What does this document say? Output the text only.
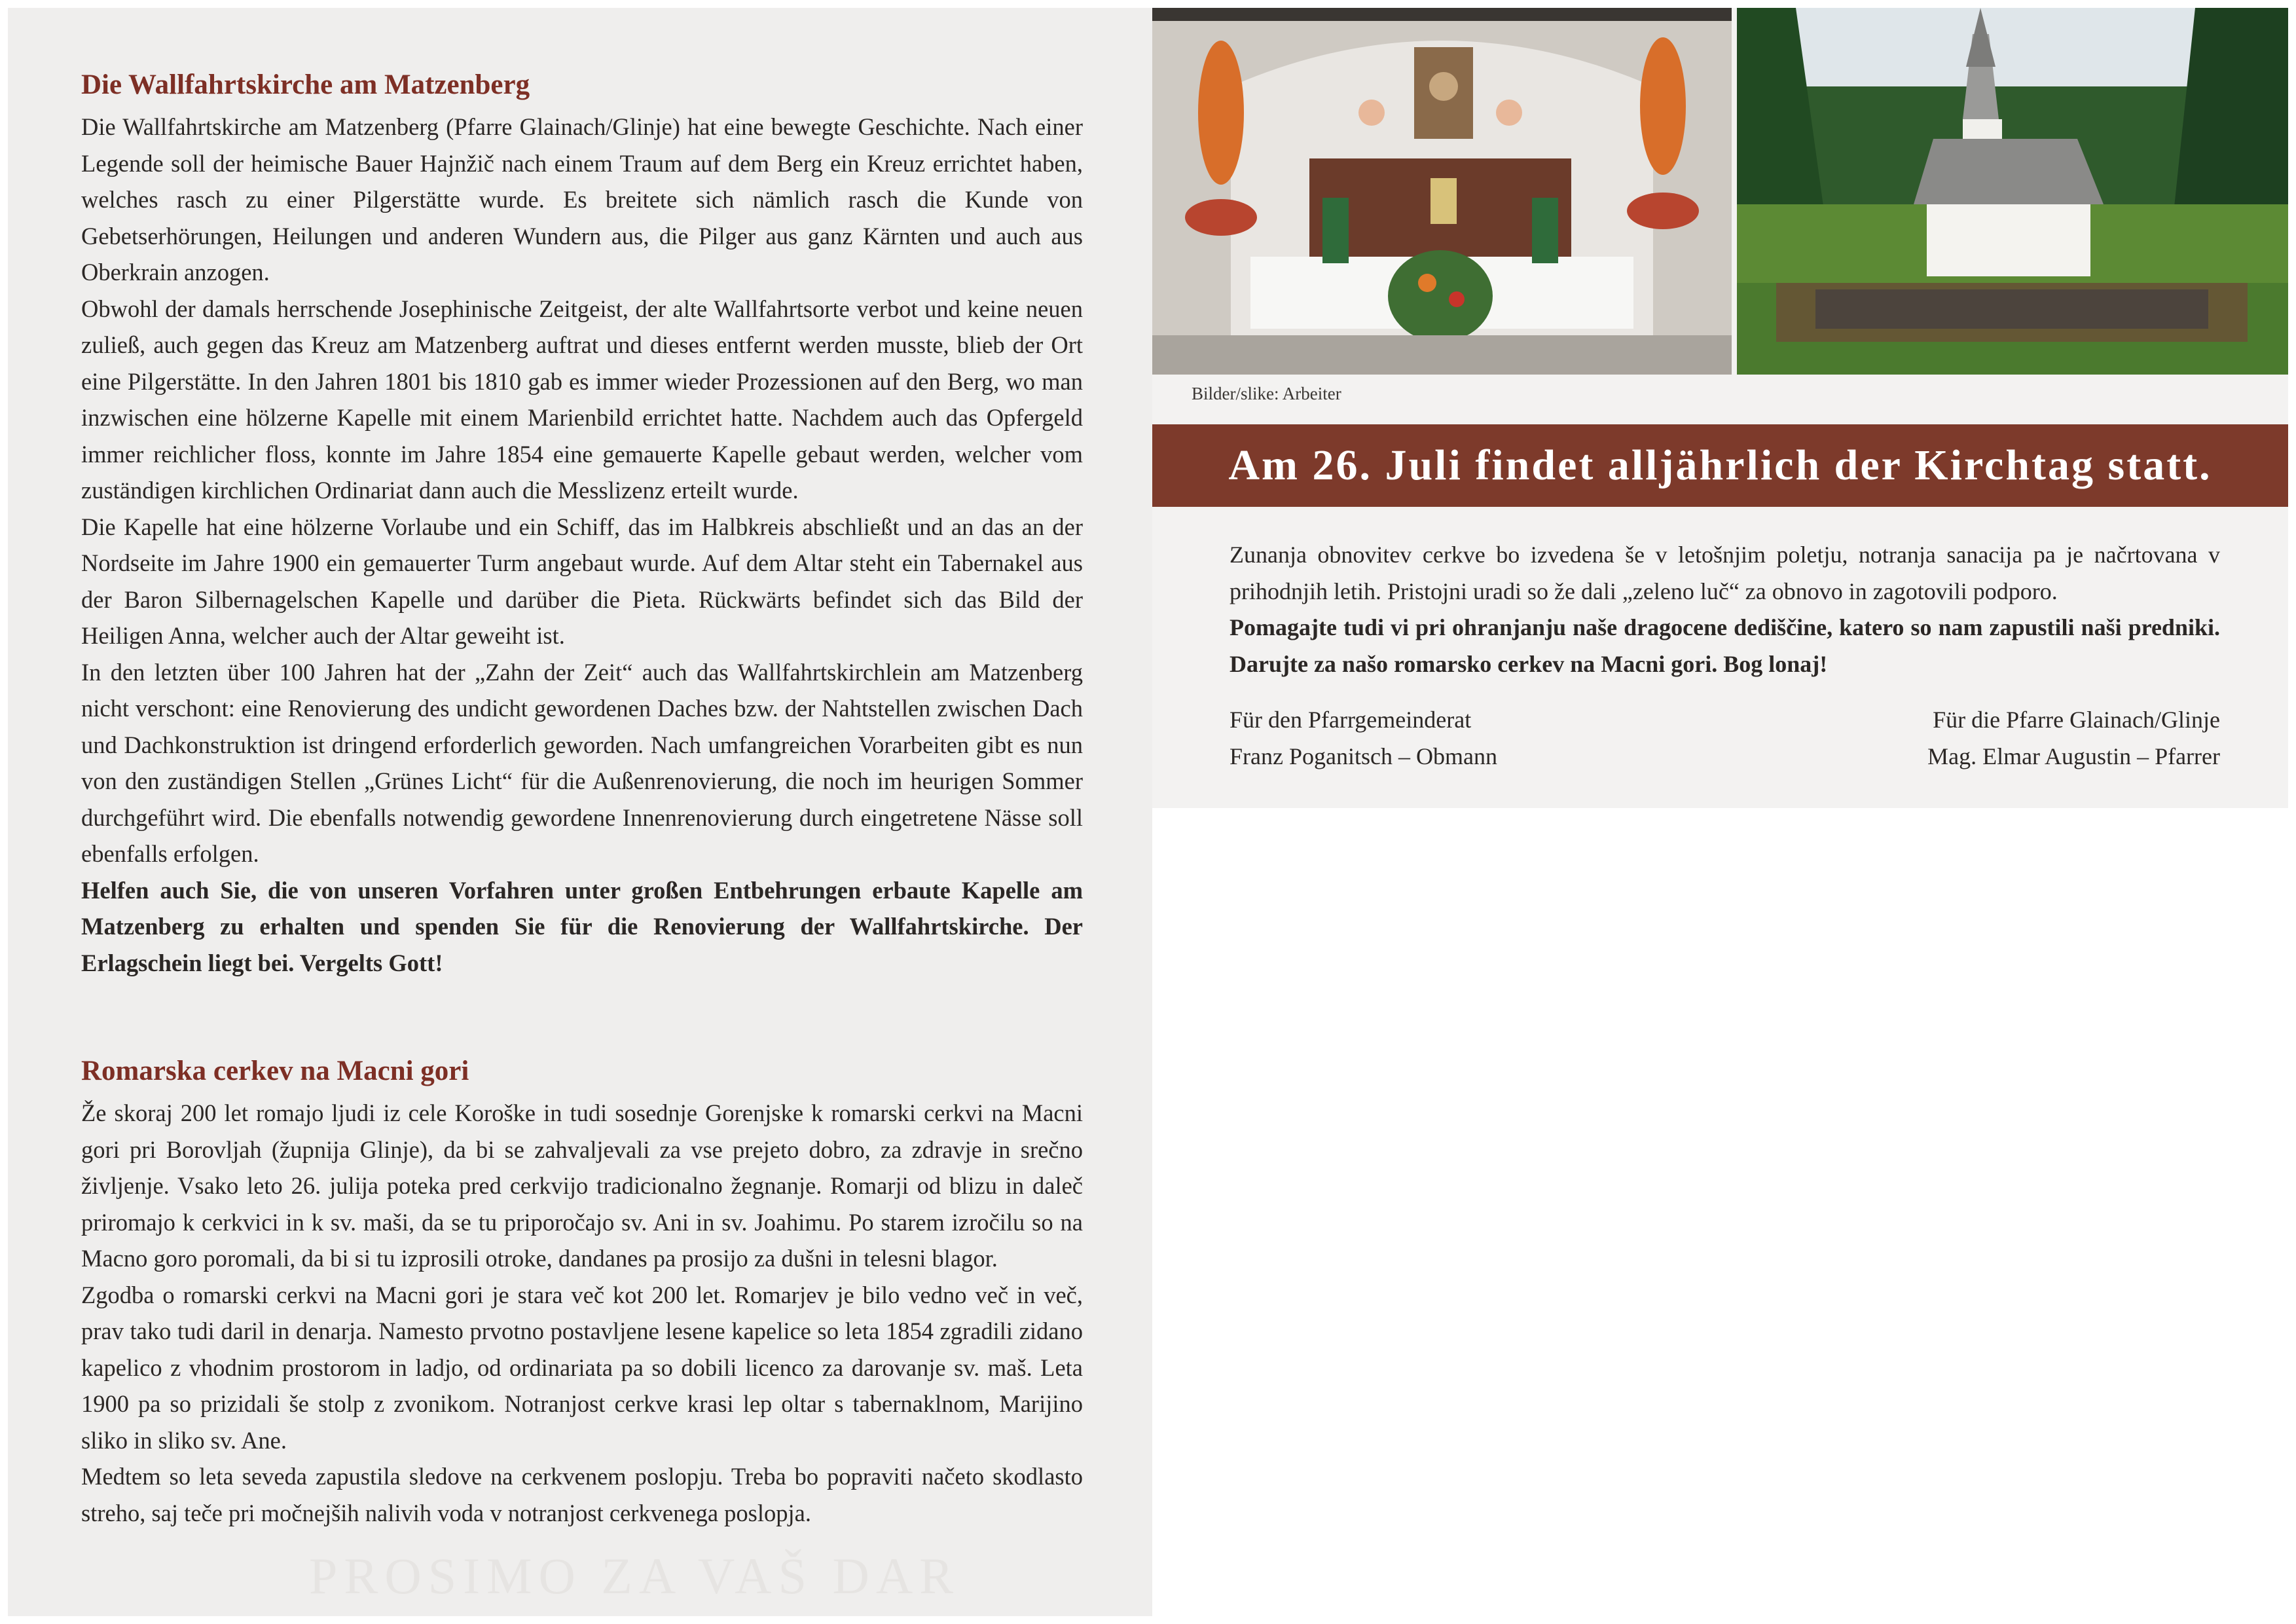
PROSIMO ZA VAŠ DAR
Die Wallfahrtskirche am Matzenberg

Die Wallfahrtskirche am Matzenberg (Pfarre Glainach/Glinje) hat eine bewegte Geschichte. Nach einer Legende soll der heimische Bauer Hajnžič nach einem Traum auf dem Berg ein Kreuz errichtet haben, welches rasch zu einer Pilgerstätte wurde. Es breitete sich nämlich rasch die Kunde von Gebetserhörungen, Heilungen und anderen Wundern aus, die Pilger aus ganz Kärnten und auch aus Oberkrain anzogen.

Obwohl der damals herrschende Josephinische Zeitgeist, der alte Wallfahrtsorte verbot und keine neuen zuließ, auch gegen das Kreuz am Matzenberg auftrat und dieses entfernt werden musste, blieb der Ort eine Pilgerstätte. In den Jahren 1801 bis 1810 gab es immer wieder Prozessionen auf den Berg, wo man inzwischen eine hölzerne Kapelle mit einem Marienbild errichtet hatte. Nachdem auch das Opfergeld immer reichlicher floss, konnte im Jahre 1854 eine gemauerte Kapelle gebaut werden, welcher vom zuständigen kirchlichen Ordinariat dann auch die Messlizenz erteilt wurde.

Die Kapelle hat eine hölzerne Vorlaube und ein Schiff, das im Halbkreis abschließt und an das an der Nordseite im Jahre 1900 ein gemauerter Turm angebaut wurde. Auf dem Altar steht ein Tabernakel aus der Baron Silbernagelschen Kapelle und darüber die Pieta. Rückwärts befindet sich das Bild der Heiligen Anna, welcher auch der Altar geweiht ist.

In den letzten über 100 Jahren hat der „Zahn der Zeit“ auch das Wallfahrtskirchlein am Matzenberg nicht verschont: eine Renovierung des undicht gewordenen Daches bzw. der Nahtstellen zwischen Dach und Dachkonstruktion ist dringend erforderlich geworden. Nach umfangreichen Vorarbeiten gibt es nun von den zuständigen Stellen „Grünes Licht“ für die Außenrenovierung, die noch im heurigen Sommer durchgeführt wird. Die ebenfalls notwendig gewordene Innenrenovierung durch eingetretene Nässe soll ebenfalls erfolgen.

Helfen auch Sie, die von unseren Vorfahren unter großen Entbehrungen erbaute Kapelle am Matzenberg zu erhalten und spenden Sie für die Renovierung der Wallfahrtskirche. Der Erlagschein liegt bei. Vergelts Gott!

Romarska cerkev na Macni gori

Že skoraj 200 let romajo ljudi iz cele Koroške in tudi sosednje Gorenjske k romarski cerkvi na Macni gori pri Borovljah (župnija Glinje), da bi se zahvaljevali za vse prejeto dobro, za zdravje in srečno življenje. Vsako leto 26. julija poteka pred cerkvijo tradicionalno žegnanje. Romarji od blizu in daleč priromajo k cerkvici in k sv. maši, da se tu priporočajo sv. Ani in sv. Joahimu. Po starem izročilu so na Macno goro poromali, da bi si tu izprosili otroke, dandanes pa prosijo za dušni in telesni blagor.

Zgodba o romarski cerkvi na Macni gori je stara več kot 200 let. Romarjev je bilo vedno več in več, prav tako tudi daril in denarja. Namesto prvotno postavljene lesene kapelice so leta 1854 zgradili zidano kapelico z vhodnim prostorom in ladjo, od ordinariata pa so dobili licenco za darovanje sv. maš. Leta 1900 pa so prizidali še stolp z zvonikom. Notranjost cerkve krasi lep oltar s tabernaklnom, Marijino sliko in sliko sv. Ane.

Medtem so leta seveda zapustila sledove na cerkvenem poslopju. Treba bo popraviti načeto skodlasto streho, saj teče pri močnejših nalivih voda v notranjost cerkvenega poslopja.

Bilder/slike: Arbeiter
Am 26. Juli findet alljährlich der Kirchtag statt.

Zunanja obnovitev cerkve bo izvedena še v letošnjim poletju, notranja sanacija pa je načrtovana v prihodnjih letih. Pristojni uradi so že dali „zeleno luč“ za obnovo in zagotovili podporo.

Pomagajte tudi vi pri ohranjanju naše dragocene dediščine, katero so nam zapustili naši predniki. Darujte za našo romarsko cerkev na Macni gori. Bog lonaj!

Für den Pfarrgemeinderat
Franz Poganitsch – Obmann
Für die Pfarre Glainach/Glinje
Mag. Elmar Augustin – Pfarrer
